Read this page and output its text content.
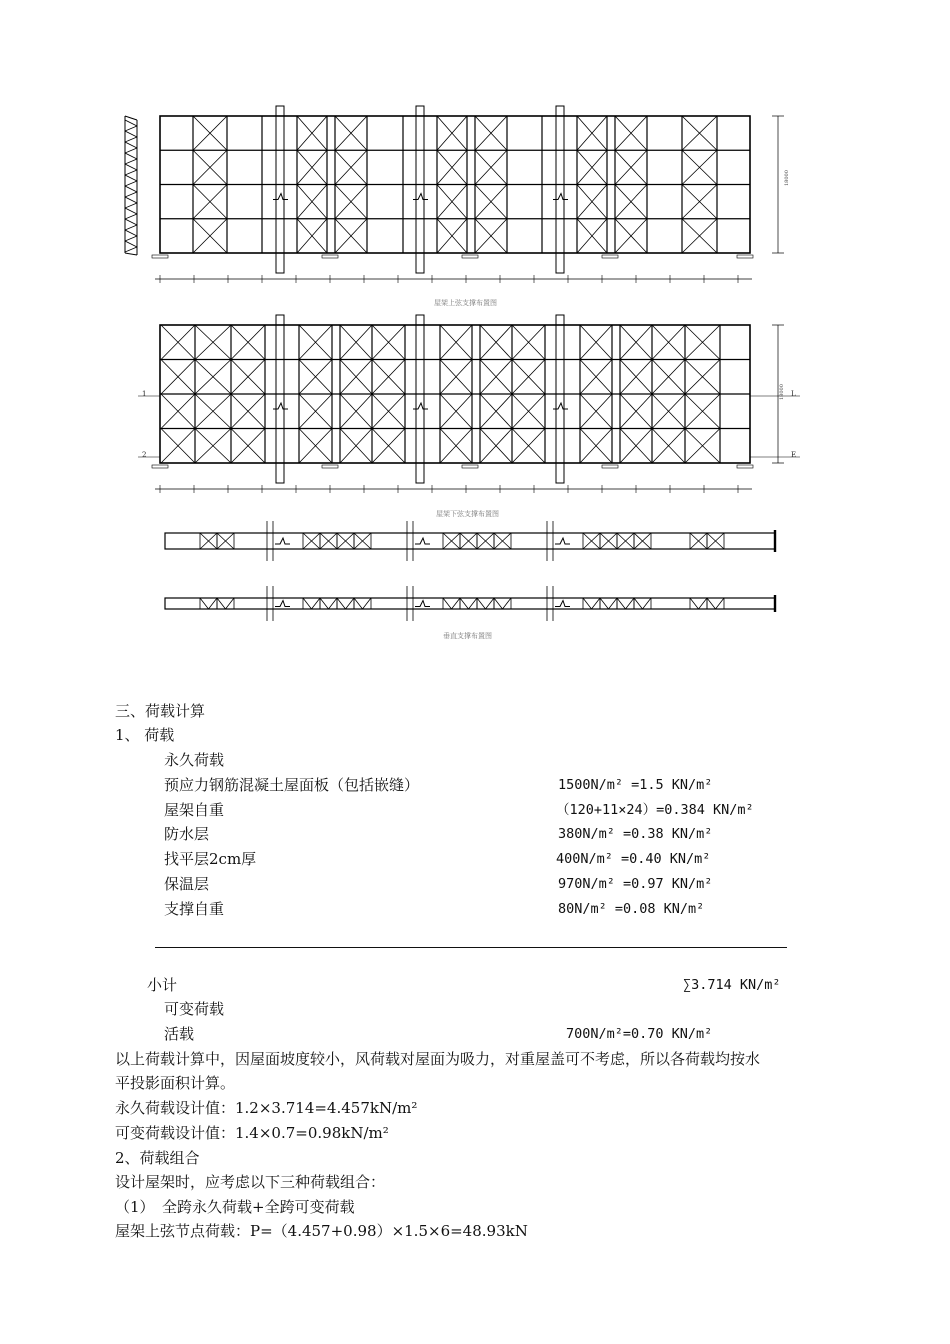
18000
18000
1
2
L
E
屋架上弦支撑布置图
屋架下弦支撑布置图
垂直支撑布置图
三、荷载计算
1、 荷载
永久荷载
预应力钢筋混凝土屋面板（包括嵌缝）	1500N/m² =1.5 KN/m²
屋架自重	（120+11×24）=0.384 KN/m²
防水层	380N/m² =0.38 KN/m²
找平层2cm厚	400N/m² =0.40 KN/m²
保温层	970N/m² =0.97 KN/m²
支撑自重	80N/m² =0.08 KN/m²
小计	∑3.714 KN/m²
可变荷载
活载	700N/m²=0.70 KN/m²
以上荷载计算中，因屋面坡度较小，风荷载对屋面为吸力，对重屋盖可不考虑，所以各荷载均按水
平投影面积计算。
永久荷载设计值：1.2×3.714=4.457kN/m²
可变荷载设计值：1.4×0.7=0.98kN/m²
2、荷载组合
设计屋架时，应考虑以下三种荷载组合：
（1）　全跨永久荷载+全跨可变荷载
屋架上弦节点荷载：P=（4.457+0.98）×1.5×6=48.93kN
